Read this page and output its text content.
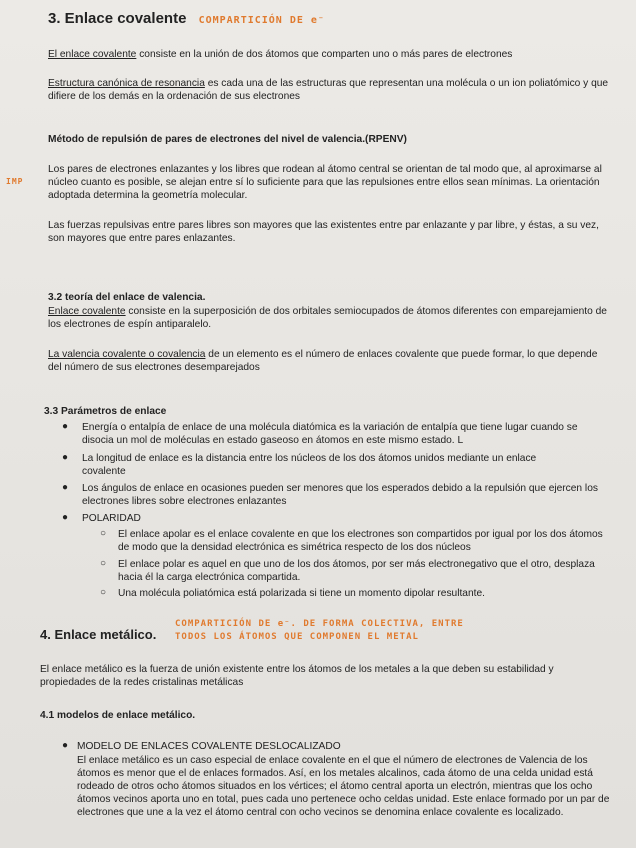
3. Enlace covalente COMPARTICIÓN DE e⁻
El enlace covalente consiste en la unión de dos átomos que comparten uno o más pares de electrones
Estructura canónica de resonancia es cada una de las estructuras que representan una molécula o un ion poliatómico y que difiere de los demás en la ordenación de sus electrones
Método de repulsión de pares de electrones del nivel de valencia.(RPENV)
IMP
Los pares de electrones enlazantes y los libres que rodean al átomo central se orientan de tal modo que, al aproximarse al núcleo cuanto es posible, se alejan entre sí lo suficiente para que las repulsiones entre ellos sean mínimas. La orientación adoptada determina la geometría molecular.
Las fuerzas repulsivas entre pares libres son mayores que las existentes entre par enlazante y par libre, y éstas, a su vez, son mayores que entre pares enlazantes.
3.2 teoría del enlace de valencia.
Enlace covalente consiste en la superposición de dos orbitales semiocupados de átomos diferentes con emparejamiento de los electrones de espín antiparalelo.
La valencia covalente o covalencia de un elemento es el número de enlaces covalente que puede formar, lo que depende del número de sus electrones desemparejados
3.3 Parámetros de enlace
● Energía o entalpía de enlace de una molécula diatómica es la variación de entalpía que tiene lugar cuando se disocia un mol de moléculas en estado gaseoso en átomos en este mismo estado. L
● La longitud de enlace es la distancia entre los núcleos de los dos átomos unidos mediante un enlace covalente
● Los ángulos de enlace en ocasiones pueden ser menores que los esperados debido a la repulsión que ejercen los electrones libres sobre electrones enlazantes
● POLARIDAD
○ El enlace apolar es el enlace covalente en que los electrones son compartidos por igual por los dos átomos de modo que la densidad electrónica es simétrica respecto de los dos núcleos
○ El enlace polar es aquel en que uno de los dos átomos, por ser más electronegativo que el otro, desplaza hacia él la carga electrónica compartida.
○ Una molécula poliatómica está polarizada si tiene un momento dipolar resultante.
4. Enlace metálico.
COMPARTICIÓN DE e⁻. DE FORMA COLECTIVA, ENTRE
TODOS LOS ÁTOMOS QUE COMPONEN EL METAL
El enlace metálico es la fuerza de unión existente entre los átomos de los metales a la que deben su estabilidad y propiedades de la redes cristalinas metálicas
4.1 modelos de enlace metálico.
● MODELO DE ENLACES COVALENTE DESLOCALIZADO
El enlace metálico es un caso especial de enlace covalente en el que el número de electrones de Valencia de los átomos es menor que el de enlaces formados. Así, en los metales alcalinos, cada átomo de una celda unidad está rodeado de otros ocho átomos situados en los vértices; el átomo central aporta un electrón, mientras que los ocho átomos vecinos aporta uno en total, pues cada uno pertenece ocho celdas unidad. Este enlace formado por un par de electrones que une a la vez el átomo central con ocho vecinos se denomina enlace covalente es localizado.
